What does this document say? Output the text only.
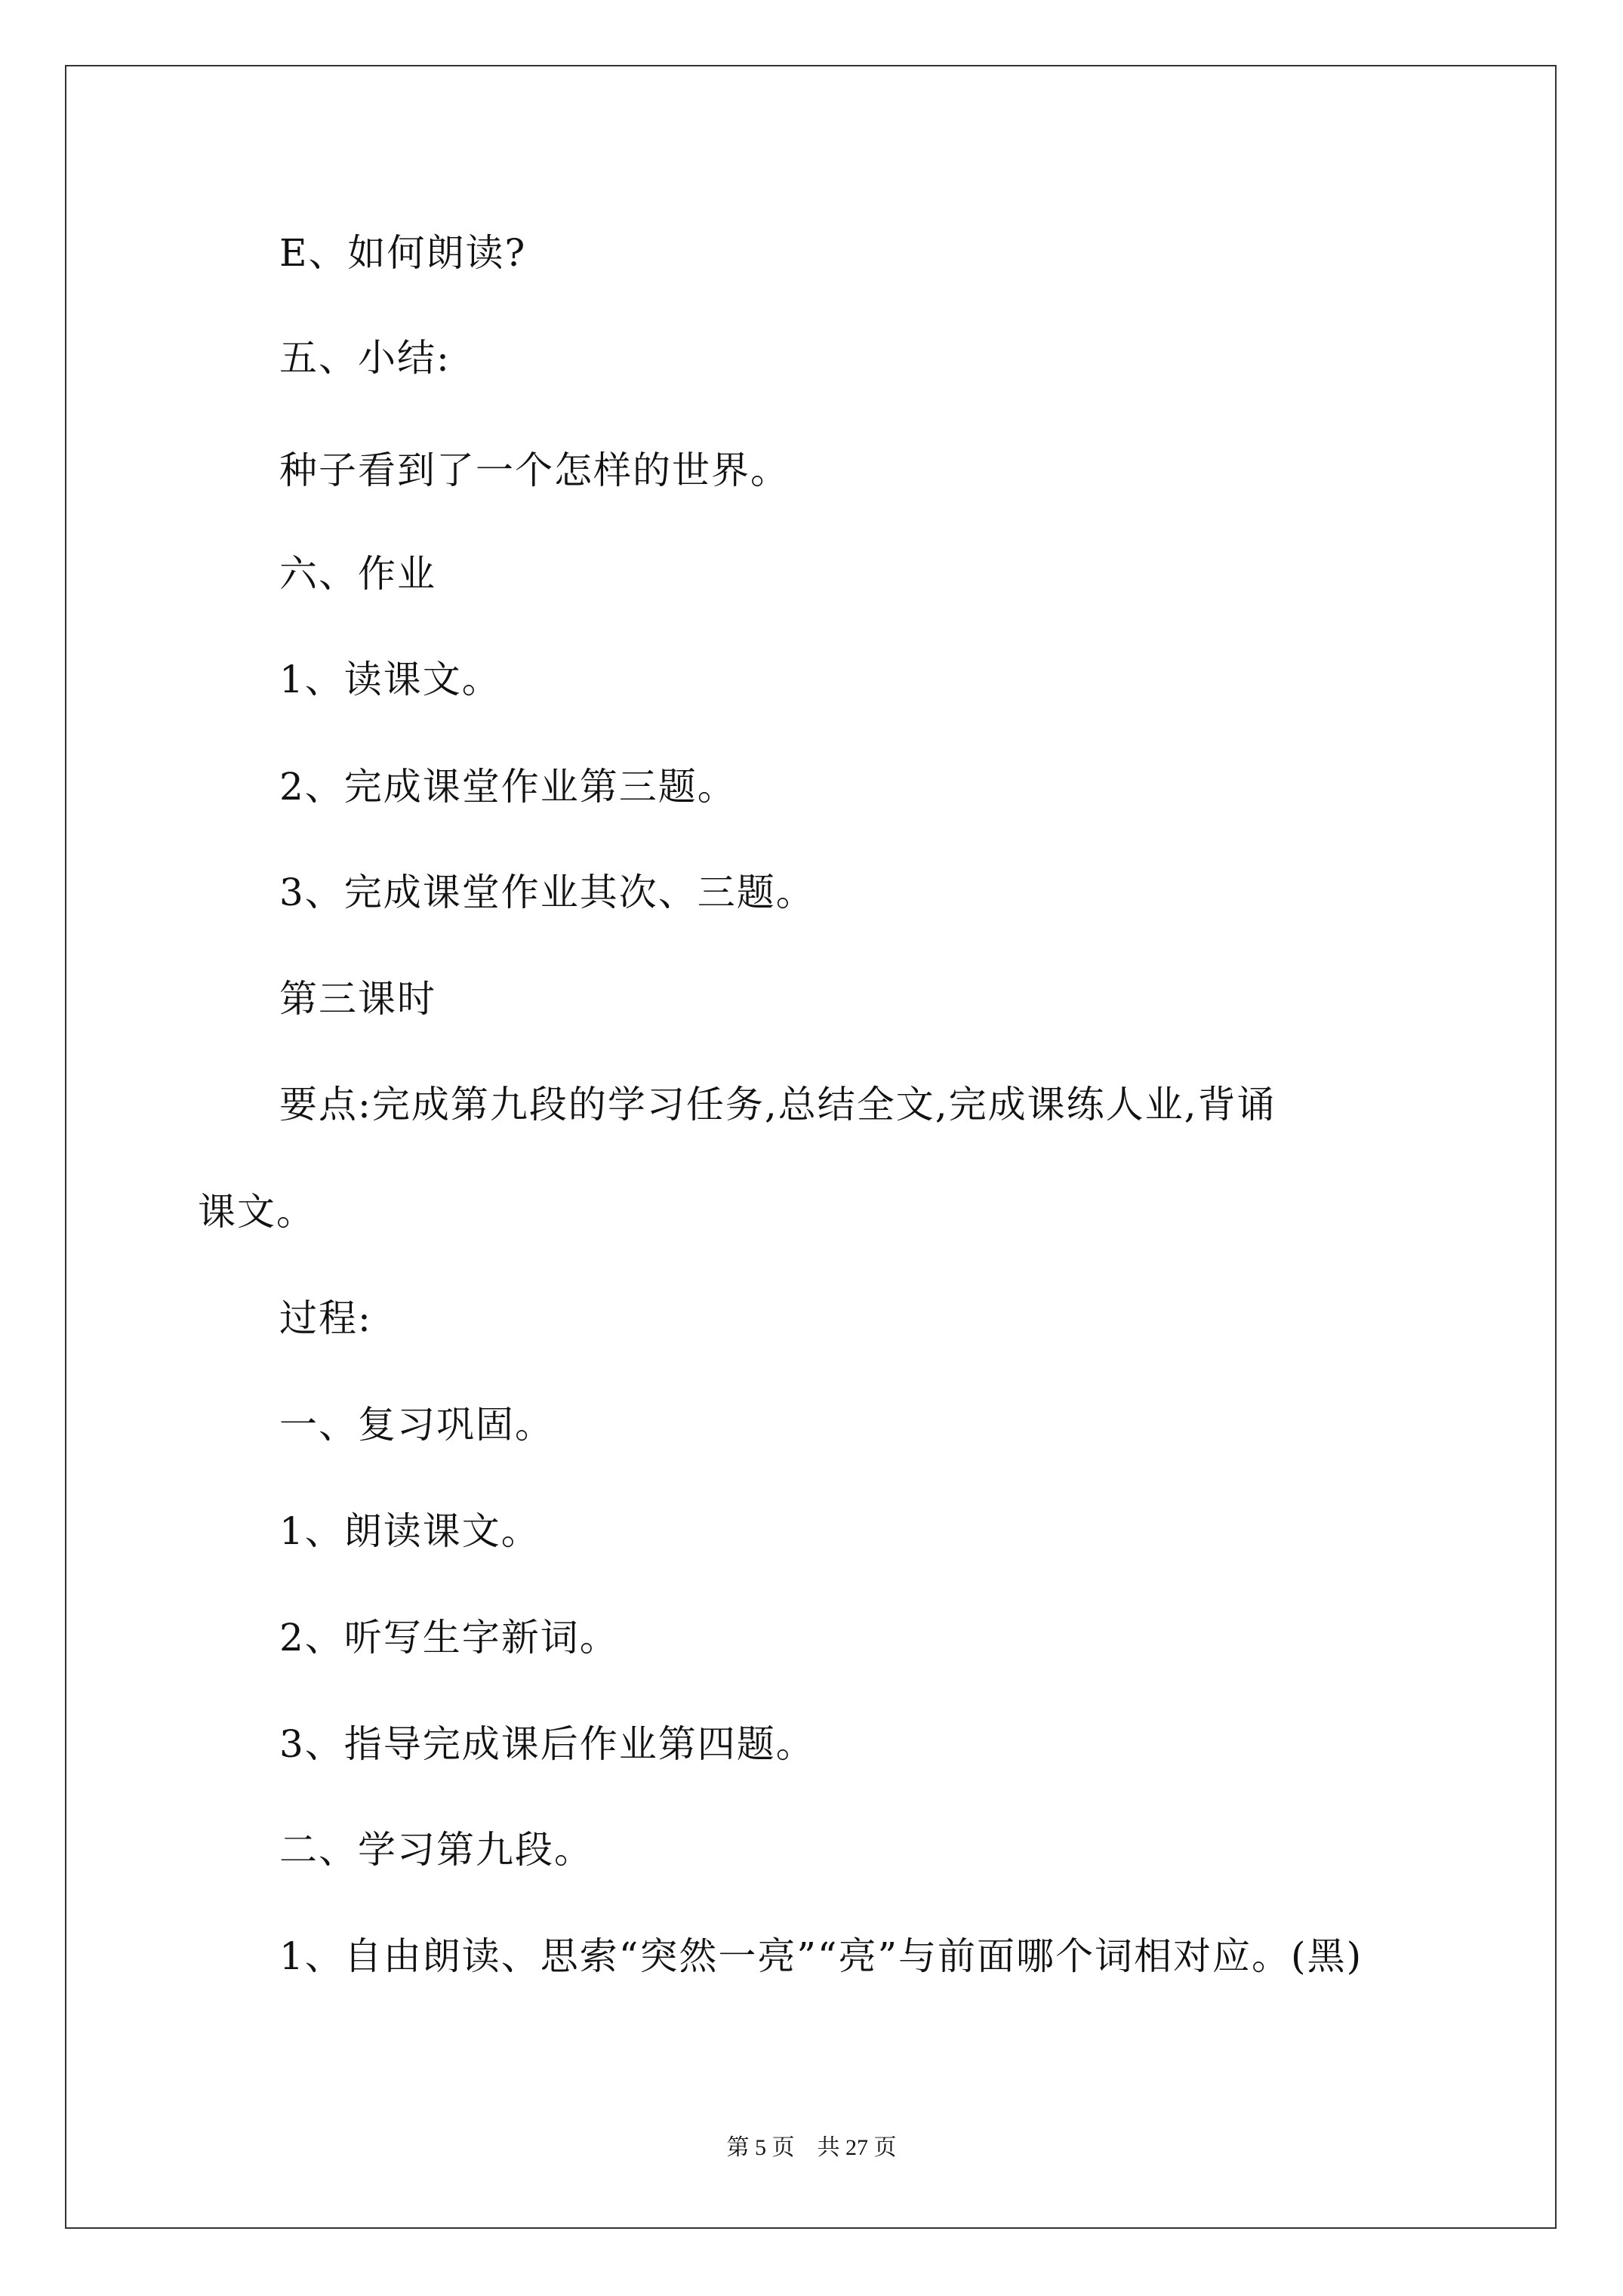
E、如何朗读?
五、小结:
种子看到了一个怎样的世界。
六、作业
1、读课文。
2、完成课堂作业第三题。
3、完成课堂作业其次、三题。
第三课时
要点:完成第九段的学习任务,总结全文,完成课练人业,背诵
课文。
过程:
一、复习巩固。
1、朗读课文。
2、听写生字新词。
3、指导完成课后作业第四题。
二、学习第九段。
1、自由朗读、思索“突然一亮”“亮”与前面哪个词相对应。(黑)
第 5 页    共 27 页
